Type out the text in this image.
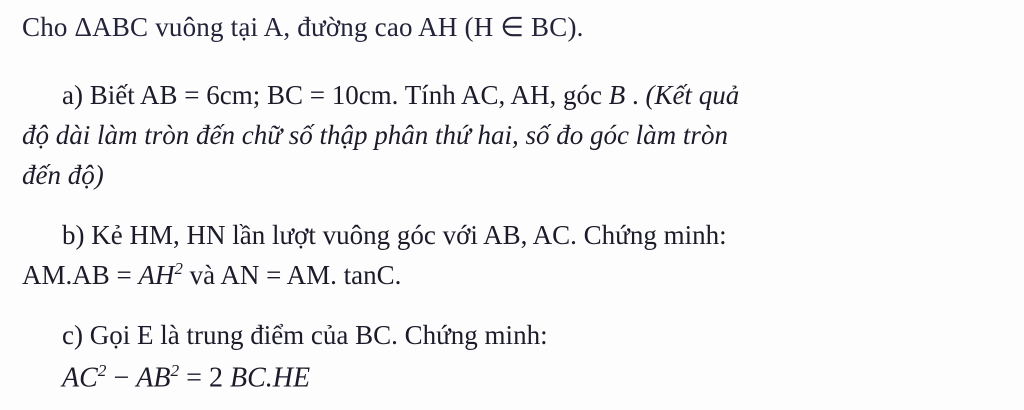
Cho ΔABC vuông tại A, đường cao AH (H ∈ BC).
a) Biết AB = 6cm; BC = 10cm. Tính AC, AH, góc B . (Kết quả
độ dài làm tròn đến chữ số thập phân thứ hai, số đo góc làm tròn
đến độ)
b) Kẻ HM, HN lần lượt vuông góc với AB, AC. Chứng minh:
$AM.AB = AH^2$ và AN = AM. tanC.
c) Gọi E là trung điểm của BC. Chứng minh:
$AC^2 - AB^2 = 2$ BC.HE
